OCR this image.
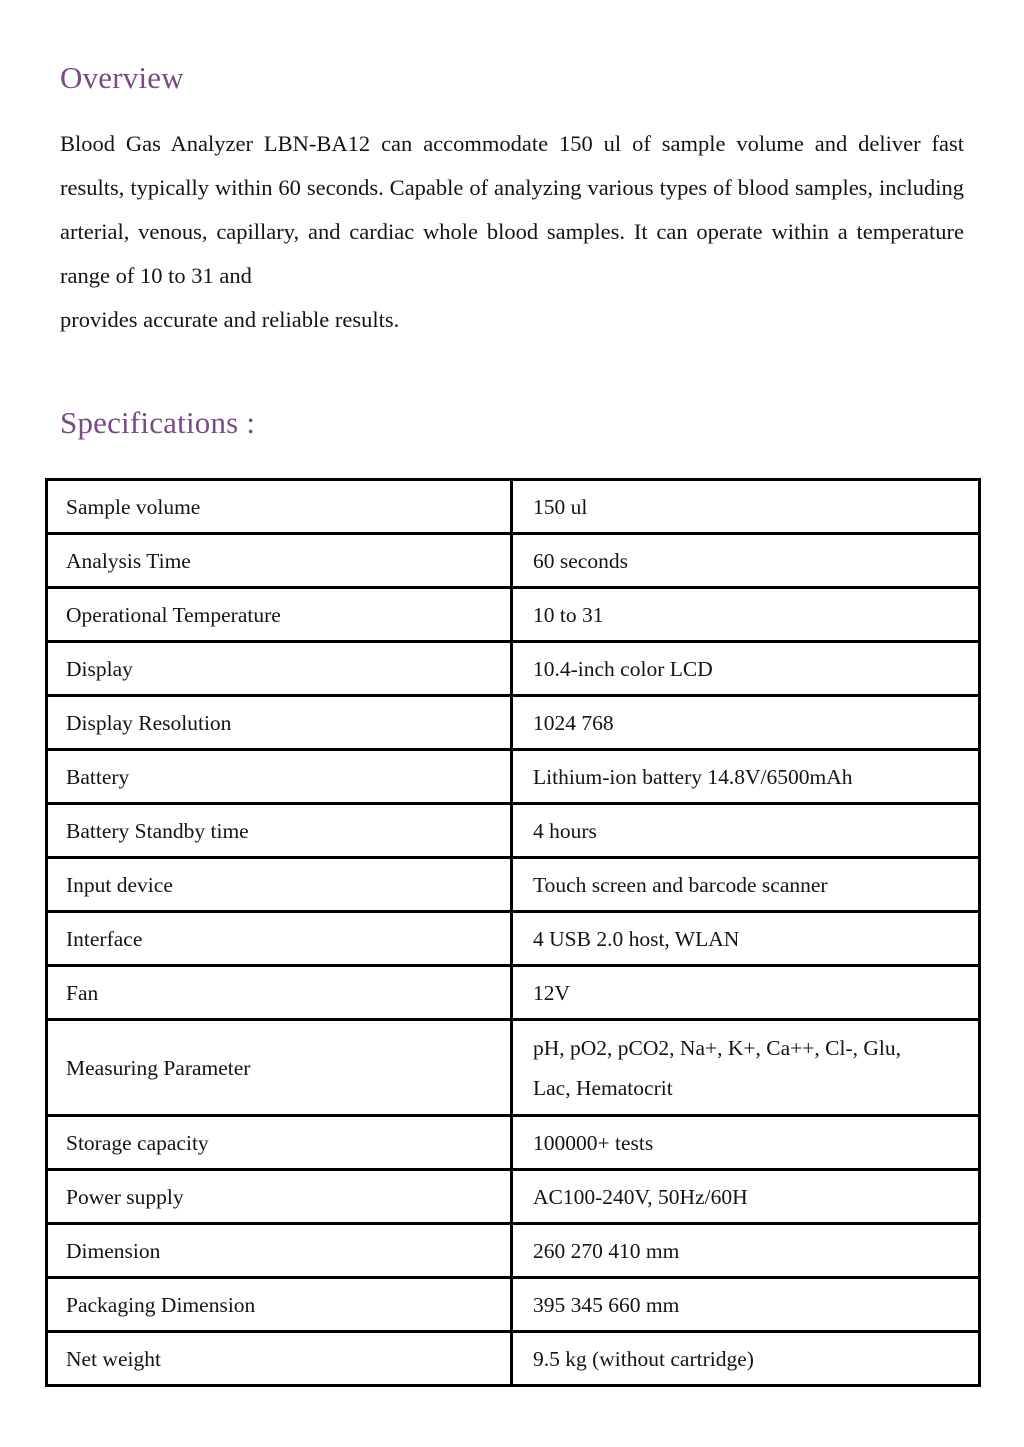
Overview

Blood Gas Analyzer LBN-BA12 can accommodate 150 ul of sample volume and deliver fast results, typically within 60 seconds. Capable of analyzing various types of blood samples, including arterial, venous, capillary, and cardiac whole blood samples. It can operate within a temperature range of 10 to 31 and
provides accurate and reliable results.

Specifications :
Sample volume	150 ul

Analysis Time	60 seconds

Operational Temperature	10 to 31

Display	10.4-inch color LCD

Display Resolution	1024 768

Battery	Lithium-ion battery 14.8V/6500mAh

Battery Standby time	4 hours

Input device	Touch screen and barcode scanner

Interface	4 USB 2.0 host, WLAN

Fan	12V

Measuring Parameter	pH, pO2, pCO2, Na+, K+, Ca++, Cl-, Glu,
Lac, Hematocrit

Storage capacity	100000+ tests

Power supply	AC100-240V, 50Hz/60H

Dimension	260 270 410 mm

Packaging Dimension	395 345 660 mm

Net weight	9.5 kg (without cartridge)
